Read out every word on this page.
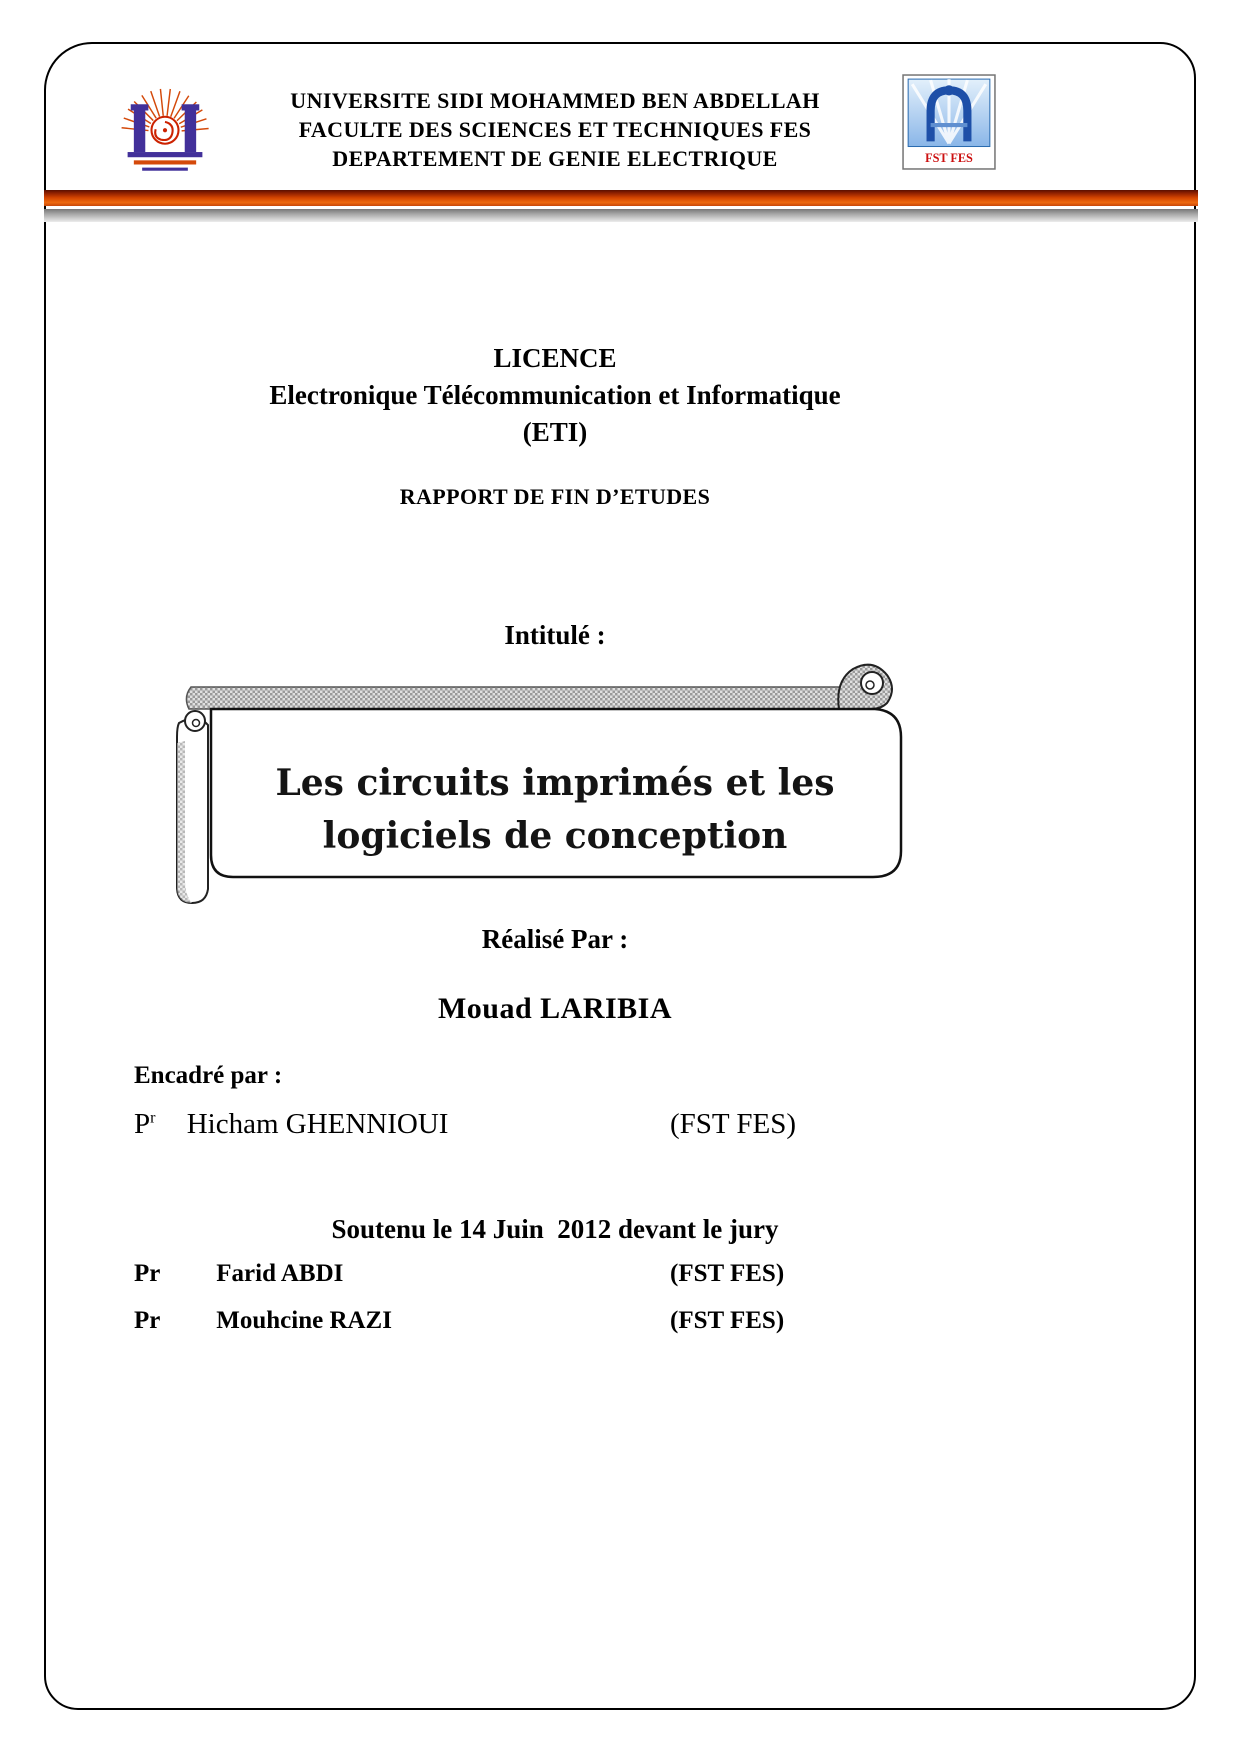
UNIVERSITE SIDI MOHAMMED BEN ABDELLAH
FACULTE DES SCIENCES ET TECHNIQUES FES
DEPARTEMENT DE GENIE ELECTRIQUE	FST FES
LICENCE
Electronique Télécommunication et Informatique
(ETI)
RAPPORT DE FIN D’ETUDES
Intitulé :
Les circuits imprimés et les
logiciels de conception
Réalisé Par :
Mouad LARIBIA
Encadré par :
$P^r$ Hicham GHENNIOUI	(FST FES)
Soutenu le 14 Juin  2012 devant le jury
Pr Farid ABDI	(FST FES)
Pr Mouhcine RAZI	(FST FES)
